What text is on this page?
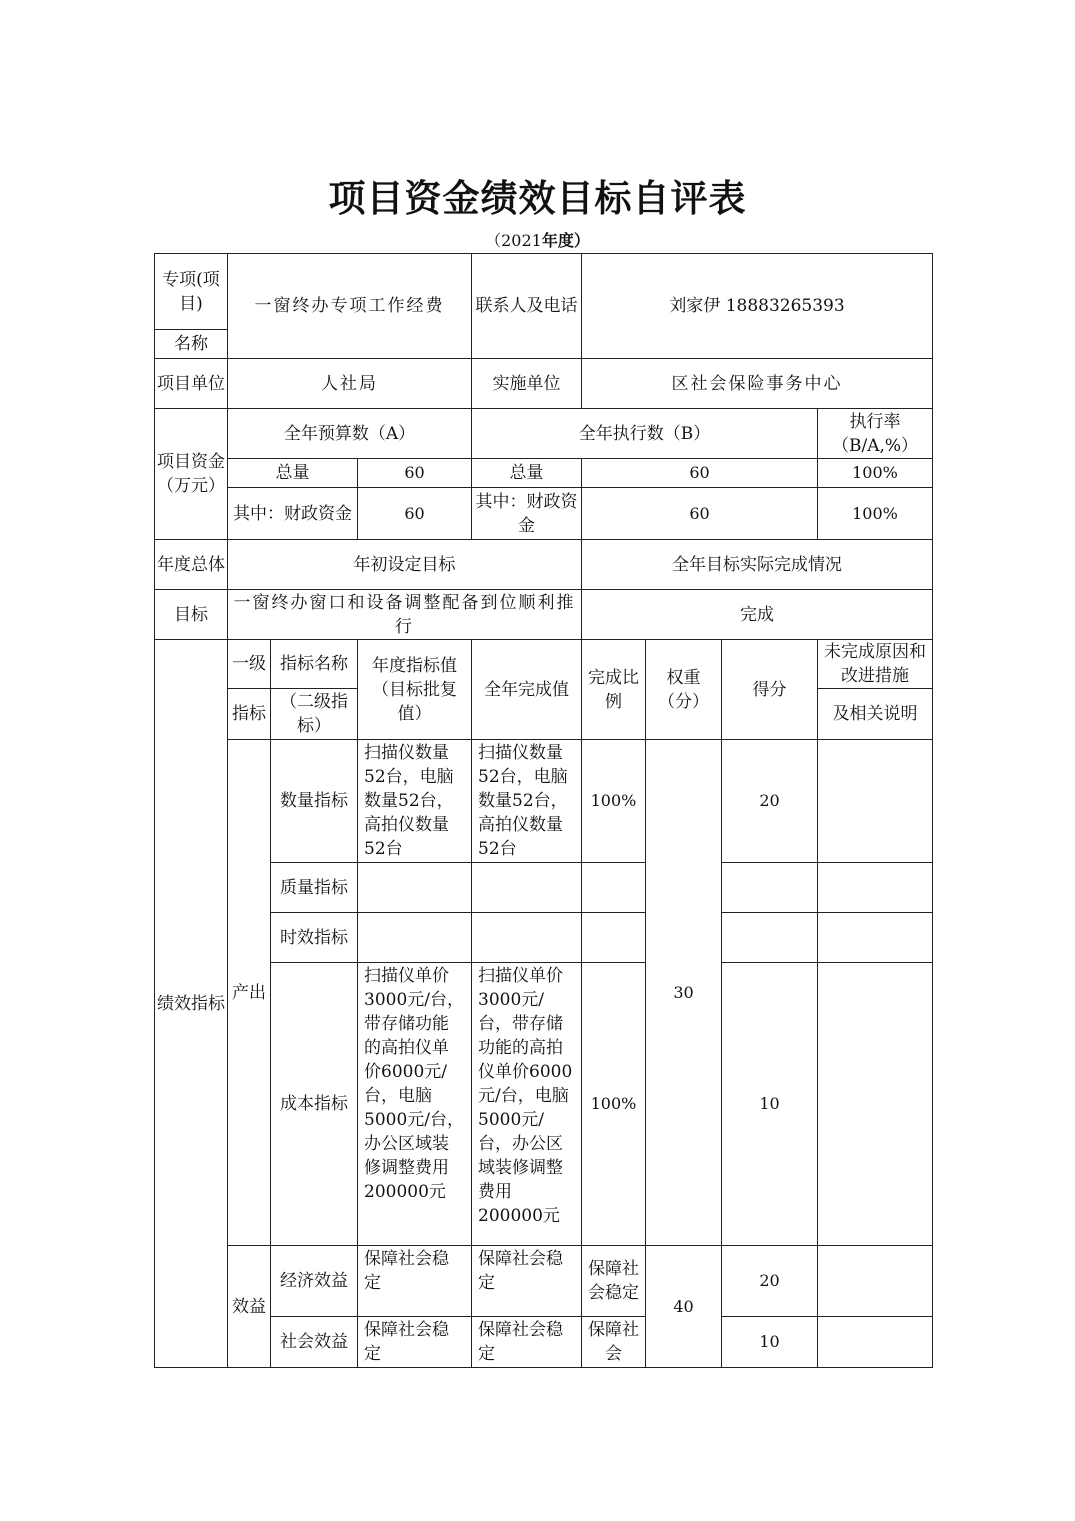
项目资金绩效目标自评表
（2021年度）
专项(项目)	一窗终办专项工作经费			联系人及电话	刘家伊 18883265393			
名称								
项目单位	人社局			实施单位	区社会保险事务中心			
项目资金（万元）	全年预算数（A）			全年执行数（B）				执行率（B/A,%）
	总量		60	总量	60			100%
	其中：财政资金		60	其中：财政资金	60			100%
年度总体	年初设定目标				全年目标实际完成情况			
目标	一窗终办窗口和设备调整配备到位顺利推行				完成			
绩效指标	一级	指标名称	年度指标值（目标批复值）	全年完成值	完成比例	权重（分）	得分	未完成原因和改进措施
	指标	（二级指标）						及相关说明
	产出	数量指标	扫描仪数量52台，电脑数量52台，高拍仪数量52台	扫描仪数量52台，电脑数量52台，高拍仪数量52台	100%	30	20	
		质量指标						
		时效指标						
		成本指标	扫描仪单价3000元/台，带存储功能的高拍仪单价6000元/台，电脑5000元/台，办公区域装修调整费用200000元	扫描仪单价3000元/台，带存储功能的高拍仪单价6000元/台，电脑5000元/台，办公区域装修调整费用200000元	100%		10	
	效益	经济效益	保障社会稳定	保障社会稳定	保障社会稳定	40	20	
		社会效益	保障社会稳定	保障社会稳定	保障社会		10	
